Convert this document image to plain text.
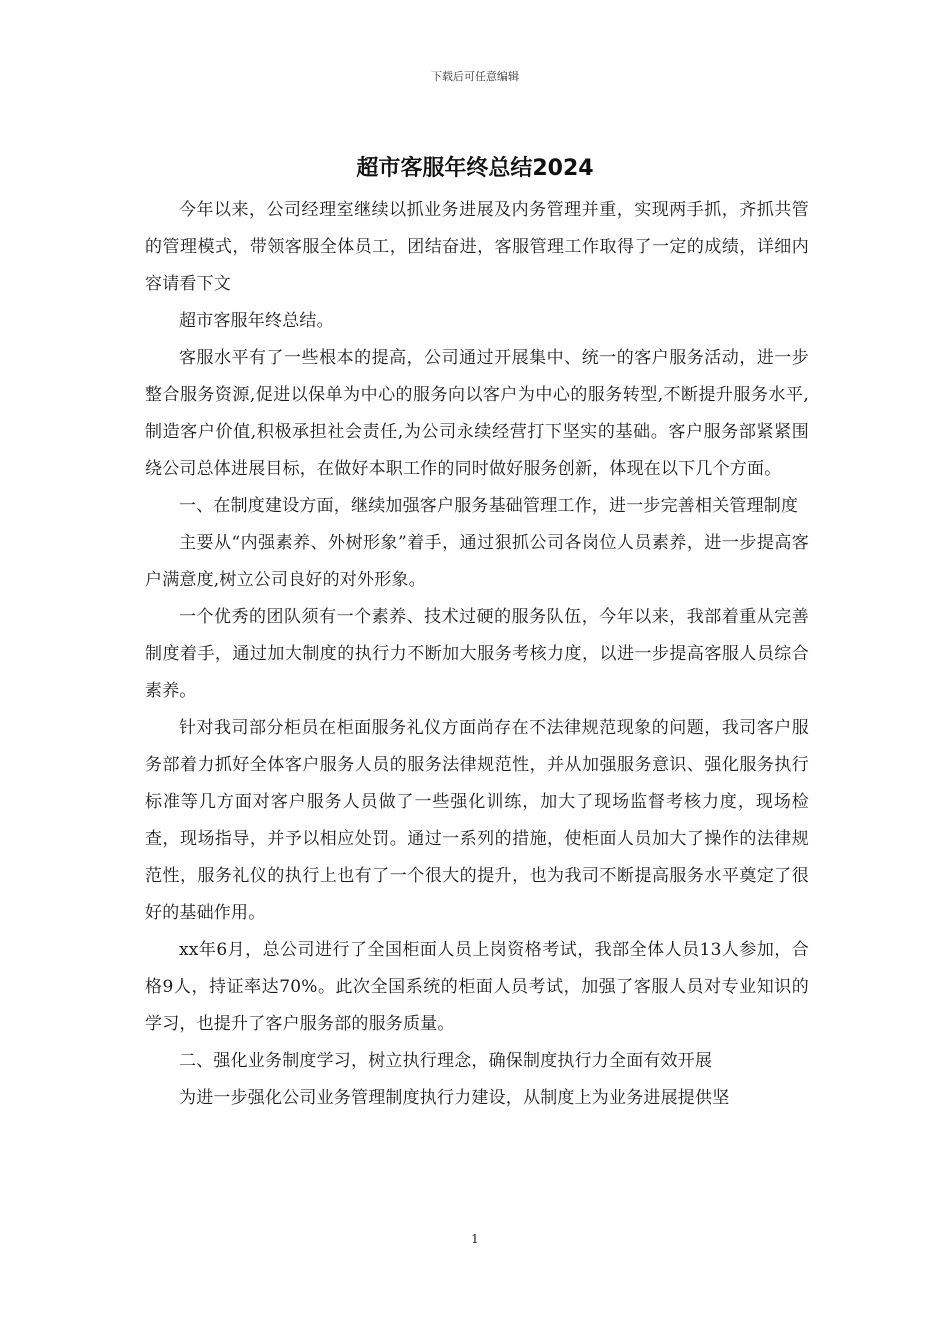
下载后可任意编辑
超市客服年终总结2024

今年以来，公司经理室继续以抓业务进展及内务管理并重，实现两手抓，齐抓共管的管理模式，带领客服全体员工，团结奋进，客服管理工作取得了一定的成绩，详细内容请看下文

超市客服年终总结。

客服水平有了一些根本的提高，公司通过开展集中、统一的客户服务活动，进一步整合服务资源,促进以保单为中心的服务向以客户为中心的服务转型,不断提升服务水平,制造客户价值,积极承担社会责任,为公司永续经营打下坚实的基础。客户服务部紧紧围绕公司总体进展目标，在做好本职工作的同时做好服务创新，体现在以下几个方面。

一、在制度建设方面，继续加强客户服务基础管理工作，进一步完善相关管理制度

主要从“内强素养、外树形象”着手，通过狠抓公司各岗位人员素养，进一步提高客户满意度,树立公司良好的对外形象。

一个优秀的团队须有一个素养、技术过硬的服务队伍，今年以来，我部着重从完善制度着手，通过加大制度的执行力不断加大服务考核力度，以进一步提高客服人员综合素养。

针对我司部分柜员在柜面服务礼仪方面尚存在不法律规范现象的问题，我司客户服务部着力抓好全体客户服务人员的服务法律规范性，并从加强服务意识、强化服务执行标准等几方面对客户服务人员做了一些强化训练，加大了现场监督考核力度，现场检查，现场指导，并予以相应处罚。通过一系列的措施，使柜面人员加大了操作的法律规范性，服务礼仪的执行上也有了一个很大的提升，也为我司不断提高服务水平奠定了很好的基础作用。

xx年6月，总公司进行了全国柜面人员上岗资格考试，我部全体人员13人参加，合格9人，持证率达70%。此次全国系统的柜面人员考试，加强了客服人员对专业知识的学习，也提升了客户服务部的服务质量。

二、强化业务制度学习，树立执行理念，确保制度执行力全面有效开展

为进一步强化公司业务管理制度执行力建设，从制度上为业务进展提供坚

1
